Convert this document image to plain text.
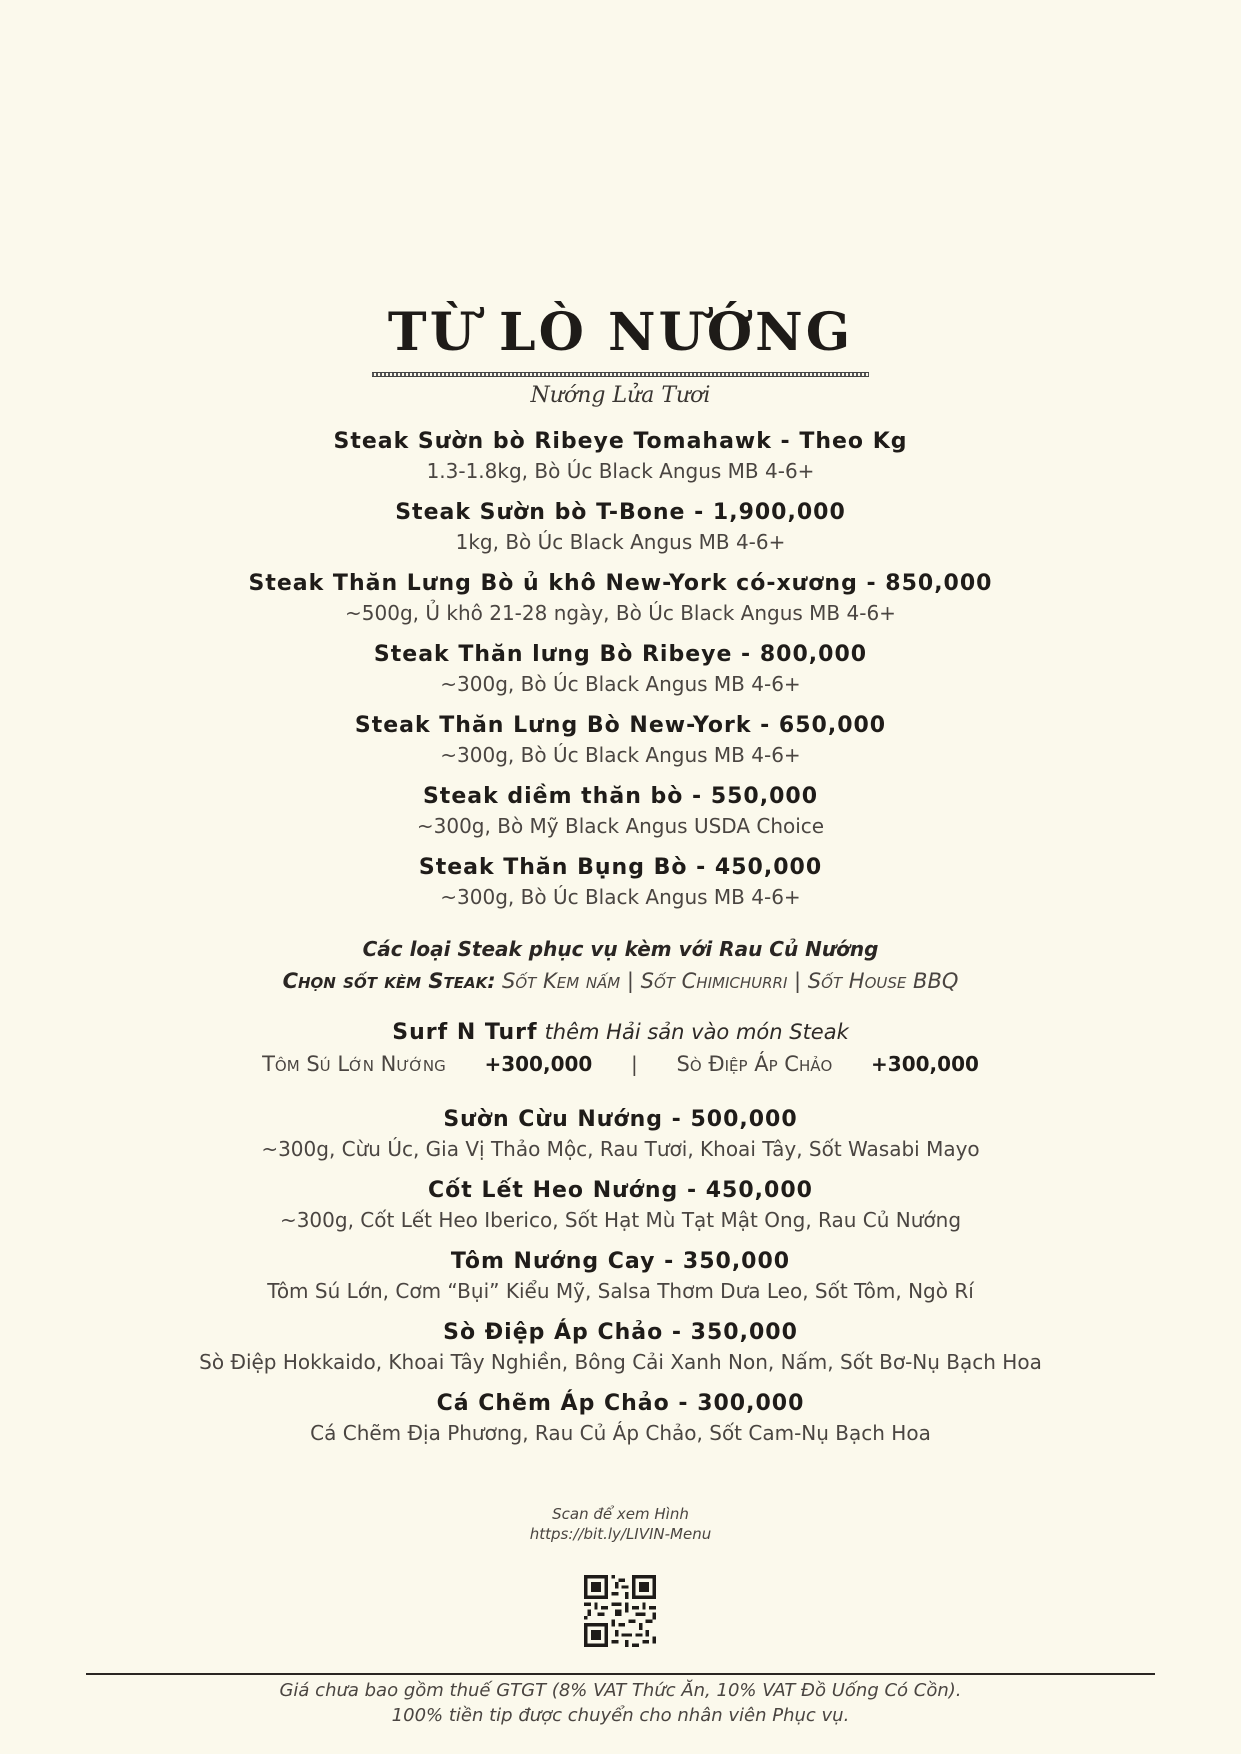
TỪ LÒ NƯỚNG
Nướng Lửa Tươi
Steak Sườn bò Ribeye Tomahawk - Theo Kg
1.3-1.8kg, Bò Úc Black Angus MB 4-6+
Steak Sườn bò T-Bone - 1,900,000
1kg, Bò Úc Black Angus MB 4-6+
Steak Thăn Lưng Bò ủ khô New-York có-xương - 850,000
~500g, Ủ khô 21-28 ngày, Bò Úc Black Angus MB 4-6+
Steak Thăn lưng Bò Ribeye - 800,000
~300g, Bò Úc Black Angus MB 4-6+
Steak Thăn Lưng Bò New-York - 650,000
~300g, Bò Úc Black Angus MB 4-6+
Steak diềm thăn bò - 550,000
~300g, Bò Mỹ Black Angus USDA Choice
Steak Thăn Bụng Bò - 450,000
~300g, Bò Úc Black Angus MB 4-6+
Các loại Steak phục vụ kèm với Rau Củ Nướng
Chọn sốt kèm Steak: Sốt Kem nấm | Sốt Chimichurri | Sốt House BBQ
Surf N Turf thêm Hải sản vào món Steak
Tôm Sú Lớn Nướng +300,000 | Sò Điệp Áp Chảo +300,000
Sườn Cừu Nướng - 500,000
~300g, Cừu Úc, Gia Vị Thảo Mộc, Rau Tươi, Khoai Tây, Sốt Wasabi Mayo
Cốt Lết Heo Nướng - 450,000
~300g, Cốt Lết Heo Iberico, Sốt Hạt Mù Tạt Mật Ong, Rau Củ Nướng
Tôm Nướng Cay - 350,000
Tôm Sú Lớn, Cơm “Bụi” Kiểu Mỹ, Salsa Thơm Dưa Leo, Sốt Tôm, Ngò Rí
Sò Điệp Áp Chảo - 350,000
Sò Điệp Hokkaido, Khoai Tây Nghiền, Bông Cải Xanh Non, Nấm, Sốt Bơ-Nụ Bạch Hoa
Cá Chẽm Áp Chảo - 300,000
Cá Chẽm Địa Phương, Rau Củ Áp Chảo, Sốt Cam-Nụ Bạch Hoa
Scan để xem Hình
https://bit.ly/LIVIN-Menu
Giá chưa bao gồm thuế GTGT (8% VAT Thức Ăn, 10% VAT Đồ Uống Có Cồn).
100% tiền tip được chuyển cho nhân viên Phục vụ.
